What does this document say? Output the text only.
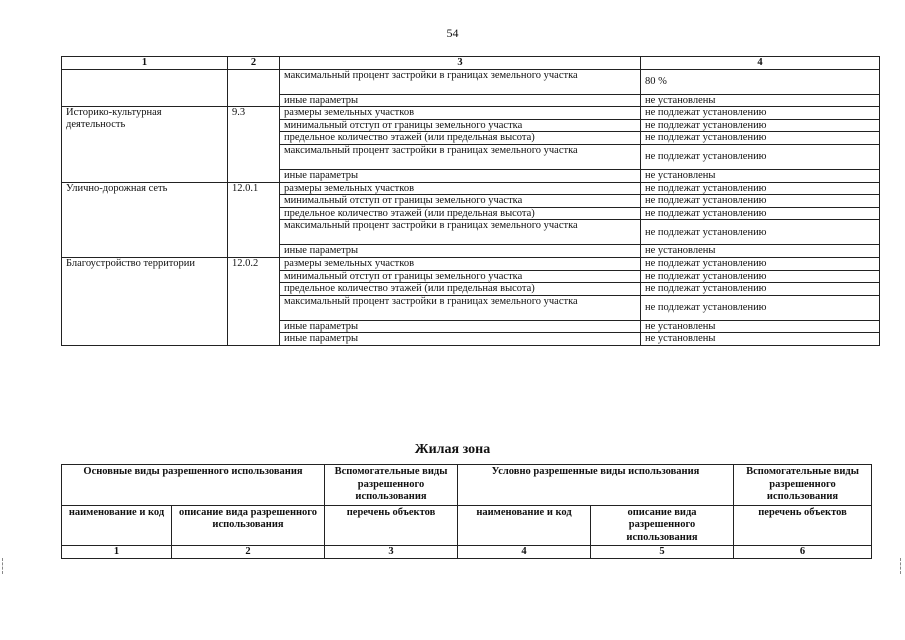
54
1	2	3	4
		максимальный процент застройки в границах земельного участка	80 %
		иные параметры	не установлены
Историко-культурная деятельность	9.3	размеры земельных участков	не подлежат установлению
		минимальный отступ от границы земельного участка	не подлежат установлению
		предельное количество этажей (или предельная высота)	не подлежат установлению
		максимальный процент застройки в границах земельного участка	не подлежат установлению
		иные параметры	не установлены
Улично-дорожная сеть	12.0.1	размеры земельных участков	не подлежат установлению
		минимальный отступ от границы земельного участка	не подлежат установлению
		предельное количество этажей (или предельная высота)	не подлежат установлению
		максимальный процент застройки в границах земельного участка	не подлежат установлению
		иные параметры	не установлены
Благоустройство территории	12.0.2	размеры земельных участков	не подлежат установлению
		минимальный отступ от границы земельного участка	не подлежат установлению
		предельное количество этажей (или предельная высота)	не подлежат установлению
		максимальный процент застройки в границах земельного участка	не подлежат установлению
		иные параметры	не установлены
		иные параметры	не установлены
Жилая зона
Основные виды разрешенного использования		Вспомогательные виды разрешенного использования	Условно разрешенные виды использования		Вспомогательные виды разрешенного использования
наименование и код	описание вида разрешенного использования	перечень объектов	наименование и код	описание вида разрешенного использования	перечень объектов
1	2	3	4	5	6
